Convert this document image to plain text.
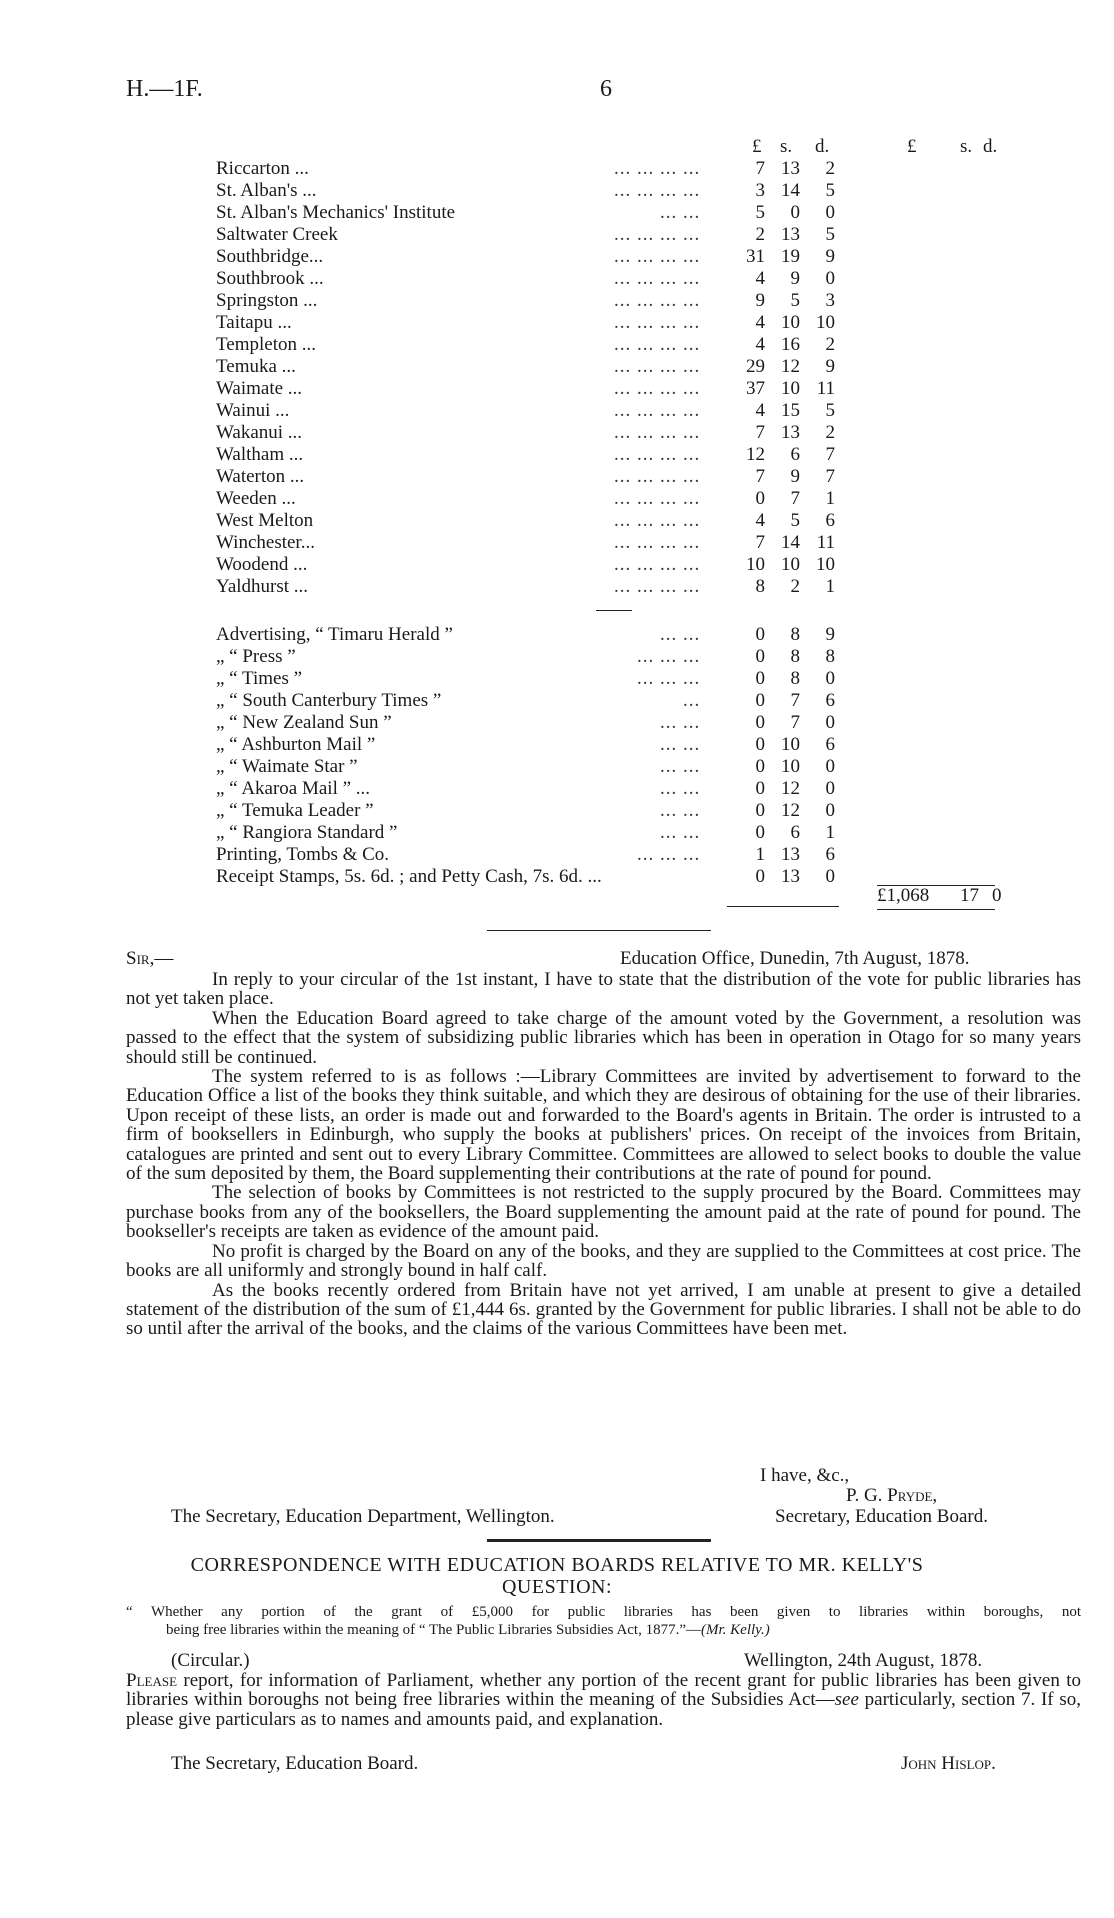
H.—1F.	6
£ s. d.	£ s. d.
Riccarton ...	... ... ... ...	7 13	2
St. Alban's ...	... ... ... ...	3 14	5
St. Alban's Mechanics' Institute	... ...	5	0	0
Saltwater Creek	... ... ... ...	2 13	5
Southbridge...	... ... ... ...	31 19	9
Southbrook ...	... ... ... ...	4	9	0
Springston ...	... ... ... ...	9	5	3
Taitapu ...	... ... ... ...	4 10 10
Templeton ...	... ... ... ...	4 16	2
Temuka ...	... ... ... ...	29 12	9
Waimate ...	... ... ... ...	37 10 11
Wainui ...	... ... ... ...	4 15	5
Wakanui ...	... ... ... ...	7 13	2
Waltham ...	... ... ... ...	12	6	7
Waterton ...	... ... ... ...	7	9	7
Weeden ...	... ... ... ...	0	7	1
West Melton	... ... ... ...	4	5	6
Winchester...	... ... ... ...	7 14 11
Woodend ...	... ... ... ...	10 10 10
Yaldhurst ...	... ... ... ...	8	2	1
Advertising, “ Timaru Herald ”	... ...	0	8	9
„ “ Press ”	... ... ...	0	8	8
„ “ Times ”	... ... ...	0	8	0
„ “ South Canterbury Times ”	...	0	7	6
„ “ New Zealand Sun ”	... ...	0	7	0
„ “ Ashburton Mail ”	... ...	0 10	6
„ “ Waimate Star ”	... ...	0 10	0
„ “ Akaroa Mail ” ...	... ...	0 12	0
„ “ Temuka Leader ”	... ...	0 12	0
„ “ Rangiora Standard ”	... ...	0	6	1
Printing, Tombs & Co.	... ... ...	1 13	6
Receipt Stamps, 5s. 6d. ; and Petty Cash, 7s. 6d. ...	0 13	0
£1,068 17 0
Sir,—	Education Office, Dunedin, 7th August, 1878.

In reply to your circular of the 1st instant, I have to state that the distribution of the vote for public libraries has not yet taken place.

When the Education Board agreed to take charge of the amount voted by the Government, a resolution was passed to the effect that the system of subsidizing public libraries which has been in operation in Otago for so many years should still be continued.

The system referred to is as follows :—Library Committees are invited by advertisement to forward to the Education Office a list of the books they think suitable, and which they are desirous of obtaining for the use of their libraries. Upon receipt of these lists, an order is made out and forwarded to the Board's agents in Britain. The order is intrusted to a firm of booksellers in Edinburgh, who supply the books at publishers' prices. On receipt of the invoices from Britain, catalogues are printed and sent out to every Library Committee. Committees are allowed to select books to double the value of the sum deposited by them, the Board supplementing their contributions at the rate of pound for pound.

The selection of books by Committees is not restricted to the supply procured by the Board. Committees may purchase books from any of the booksellers, the Board supplementing the amount paid at the rate of pound for pound. The bookseller's receipts are taken as evidence of the amount paid.

No profit is charged by the Board on any of the books, and they are supplied to the Committees at cost price. The books are all uniformly and strongly bound in half calf.

As the books recently ordered from Britain have not yet arrived, I am unable at present to give a detailed statement of the distribution of the sum of £1,444 6s. granted by the Government for public libraries. I shall not be able to do so until after the arrival of the books, and the claims of the various Committees have been met.

I have, &c.,
P. G. Pryde,
The Secretary, Education Department, Wellington.	Secretary, Education Board.
CORRESPONDENCE WITH EDUCATION BOARDS RELATIVE TO MR. KELLY'S
QUESTION:
“ Whether any portion of the grant of £5,000 for public libraries has been given to libraries within boroughs, not
being free libraries within the meaning of “ The Public Libraries Subsidies Act, 1877.”—(Mr. Kelly.)
(Circular.)	Wellington, 24th August, 1878.
Please report, for information of Parliament, whether any portion of the recent grant for public libraries has been given to libraries within boroughs not being free libraries within the meaning of the Subsidies Act—see particularly, section 7. If so, please give particulars as to names and amounts paid, and explanation.
The Secretary, Education Board.	John Hislop.
